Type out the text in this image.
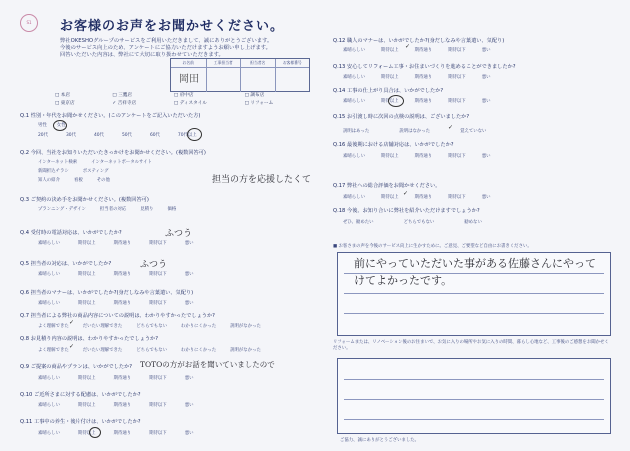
S1	お客様のお声をお聞かせください。
弊社OKESHOグループのサービスをご利用いただきまして、誠にありがとうございます。
今後のサービス向上のため、アンケートにご協力いただけますようお願い申し上げます。
回答いただいた内容は、弊社にて大切に取り扱わせていただきます。
お名前	工事担当者	担当者名	お客様番号
岡田
□ 本店	□ 三鷹店	□ 府中店	□ 調布店
□ 東京店	✓ 吉祥寺店	□ ディスタイル	□ リフォーム
Q.1 性別・年代をお聞かせください。(このアンケートをご記入いただいた方)
男性 女性
20代	30代	40代	50代	60代	70代以上
Q.2 今回、当社をお知りいただいたきっかけをお聞かせください。(複数回答可)
インターネット検索	インターネットポータルサイト
新聞折込チラシ	ポスティング
知人の紹介	看板	その他	担当の方を応援したくて
Q.3 ご契約の決め手をお聞かせください。(複数回答可)
プランニング・デザイン	担当者の対応	見積り	価格
Q.4 受付時の電話対応は、いかがでしたか?	ふつう
素晴らしい	期待以上	期待通り	期待以下	悪い
Q.5 担当者の対応は、いかがでしたか?	ふつう
素晴らしい	期待以上	期待通り	期待以下	悪い
Q.6 担当者のマナーは、いかがでしたか?(身だしなみや言葉遣い、気配り)
素晴らしい	期待以上	期待通り	期待以下	悪い
Q.7 担当者による弊社の商品内容についての説明は、わかりやすかったでしょうか?
よく理解できた	だいたい理解できた	どちらでもない	わかりにくかった	説明がなかった
✓
Q.8 お見積り内容の説明は、わかりやすかったでしょうか?
よく理解できた	だいたい理解できた	どちらでもない	わかりにくかった	説明がなかった
✓
Q.9 ご提案の商品やプランは、いかがでしたか? TOTOの方がお話を聞いていましたので
素晴らしい	期待以上	期待通り	期待以下	悪い
Q.10 ご近所さまに対する配慮は、いかがでしたか?
素晴らしい	期待以上	期待通り	期待以下	悪い
Q.11 工事中の养生・後片付けは、いかがでしたか?
素晴らしい	期待以上	期待通り	期待以下	悪い
Q.12 職人のマナーは、いかがでしたか?(身だしなみや言葉遣い、気配り)
素晴らしい	期待以上	期待通り	期待以下	悪い
✓
Q.13 安心してリフォーム工事・お住まいづくりを進めることができましたか?
素晴らしい	期待以上	期待通り	期待以下	悪い
Q.14 工事の仕上がり具合は、いかがでしたか?
素晴らしい	期待以上	期待通り	期待以下	悪い
Q.15 お引渡し時に次回の点検の説明は、ございましたか?
説明はあった	説明はなかった	覚えていない
✓
Q.16 最後期における店舗対応は、いかがでしたか?
素晴らしい	期待以上	期待通り	期待以下	悪い
Q.17 弊社への総合評価をお聞かせください。
素晴らしい	期待以上	期待通り	期待以下	悪い
✓
Q.18 今後、お知り合いに弊社を紹介いただけますでしょうか?
ぜひ、勧めたい	どちらでもない	勧めない
■ お客さまの声を今後のサービス向上に生かすために。ご意見、ご要望など自由にお書きください。
前にやっていただいた事がある佐藤さんにやって
けてよかったです。
リフォームまたは、リノベーション後のお住まいで、お気に入りの場所やお気に入りの時間、暮らし心地など、工事後のご感想をお聞かせください。
ご協力、誠にありがとうございました。
